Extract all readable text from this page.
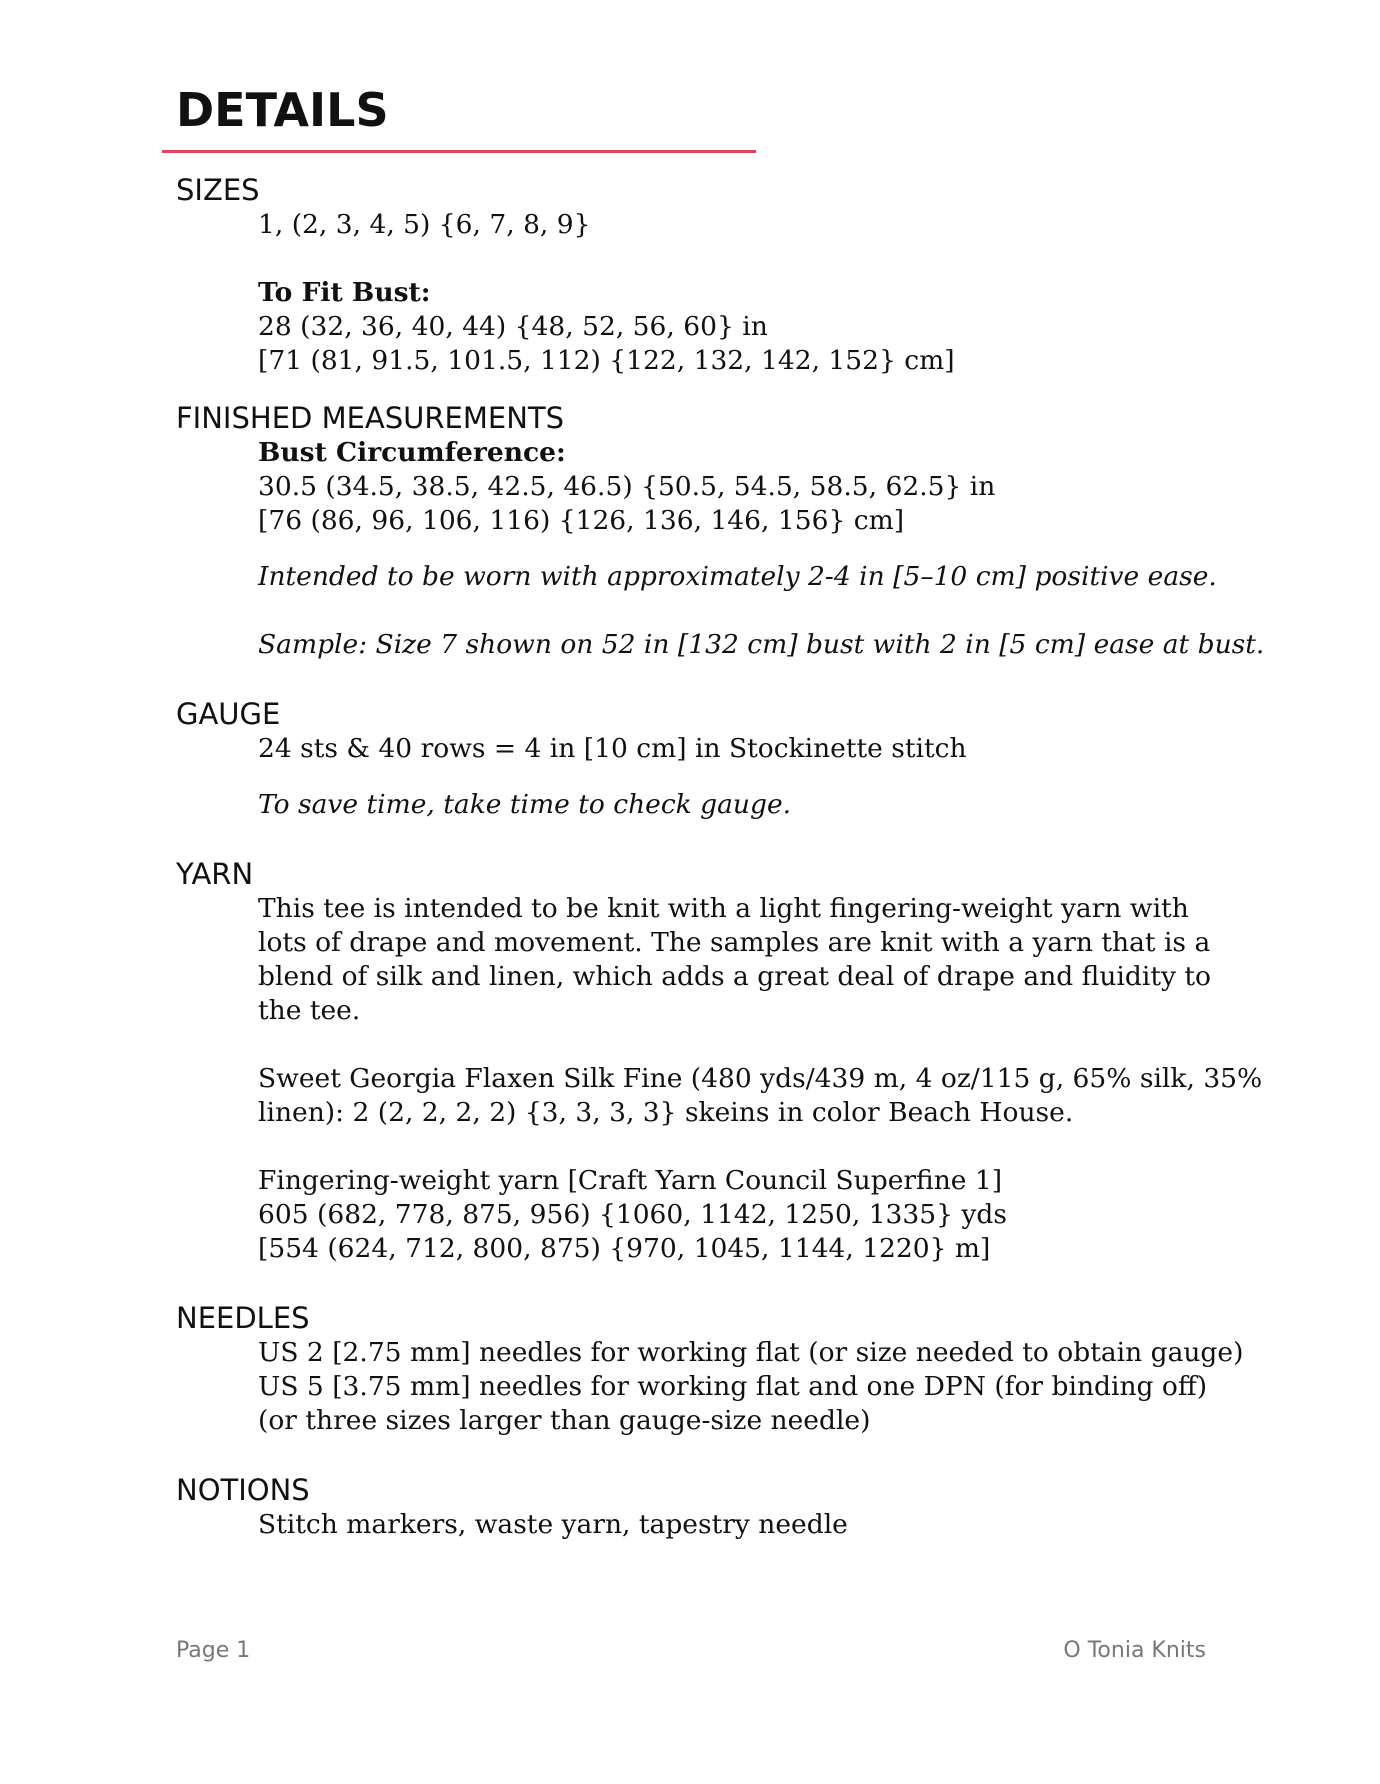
DETAILS
SIZES
1, (2, 3, 4, 5) {6, 7, 8, 9}
To Fit Bust:
28 (32, 36, 40, 44) {48, 52, 56, 60} in
[71 (81, 91.5, 101.5, 112) {122, 132, 142, 152} cm]
FINISHED MEASUREMENTS
Bust Circumference:
30.5 (34.5, 38.5, 42.5, 46.5) {50.5, 54.5, 58.5, 62.5} in
[76 (86, 96, 106, 116) {126, 136, 146, 156} cm]
Intended to be worn with approximately 2-4 in [5–10 cm] positive ease.
Sample: Size 7 shown on 52 in [132 cm] bust with 2 in [5 cm] ease at bust.
GAUGE
24 sts & 40 rows = 4 in [10 cm] in Stockinette stitch
To save time, take time to check gauge.
YARN
This tee is intended to be knit with a light fingering-weight yarn with
lots of drape and movement. The samples are knit with a yarn that is a
blend of silk and linen, which adds a great deal of drape and fluidity to
the tee.
Sweet Georgia Flaxen Silk Fine (480 yds/439 m, 4 oz/115 g, 65% silk, 35%
linen): 2 (2, 2, 2, 2) {3, 3, 3, 3} skeins in color Beach House.
Fingering-weight yarn [Craft Yarn Council Superfine 1]
605 (682, 778, 875, 956) {1060, 1142, 1250, 1335} yds
[554 (624, 712, 800, 875) {970, 1045, 1144, 1220} m]
NEEDLES
US 2 [2.75 mm] needles for working flat (or size needed to obtain gauge)
US 5 [3.75 mm] needles for working flat and one DPN (for binding off)
(or three sizes larger than gauge-size needle)
NOTIONS
Stitch markers, waste yarn, tapestry needle
Page 1	O Tonia Knits
